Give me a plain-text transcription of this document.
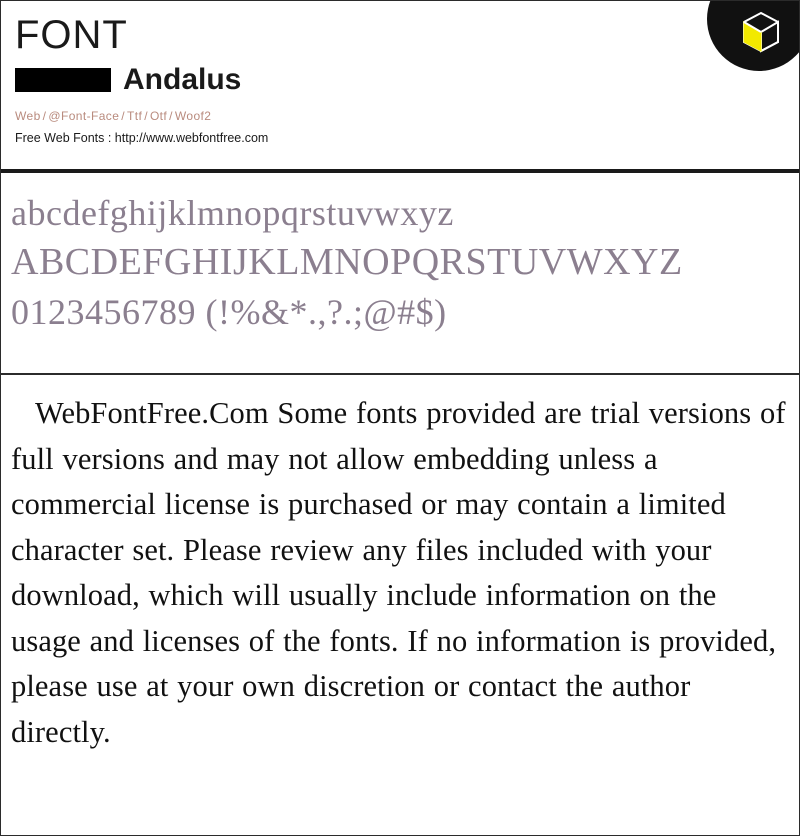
FONT
Andalus
Web / @Font-Face / Ttf / Otf / Woof2
Free Web Fonts : http://www.webfontfree.com
abcdefghijklmnopqrstuvwxyz
ABCDEFGHIJKLMNOPQRSTUVWXYZ
0123456789 (!%&*.,?.;@#$)
WebFontFree.Com Some fonts provided are trial versions of full versions and may not allow embedding unless a commercial license is purchased or may contain a limited character set. Please review any files included with your download, which will usually include information on the usage and licenses of the fonts. If no information is provided, please use at your own discretion or contact the author directly.
